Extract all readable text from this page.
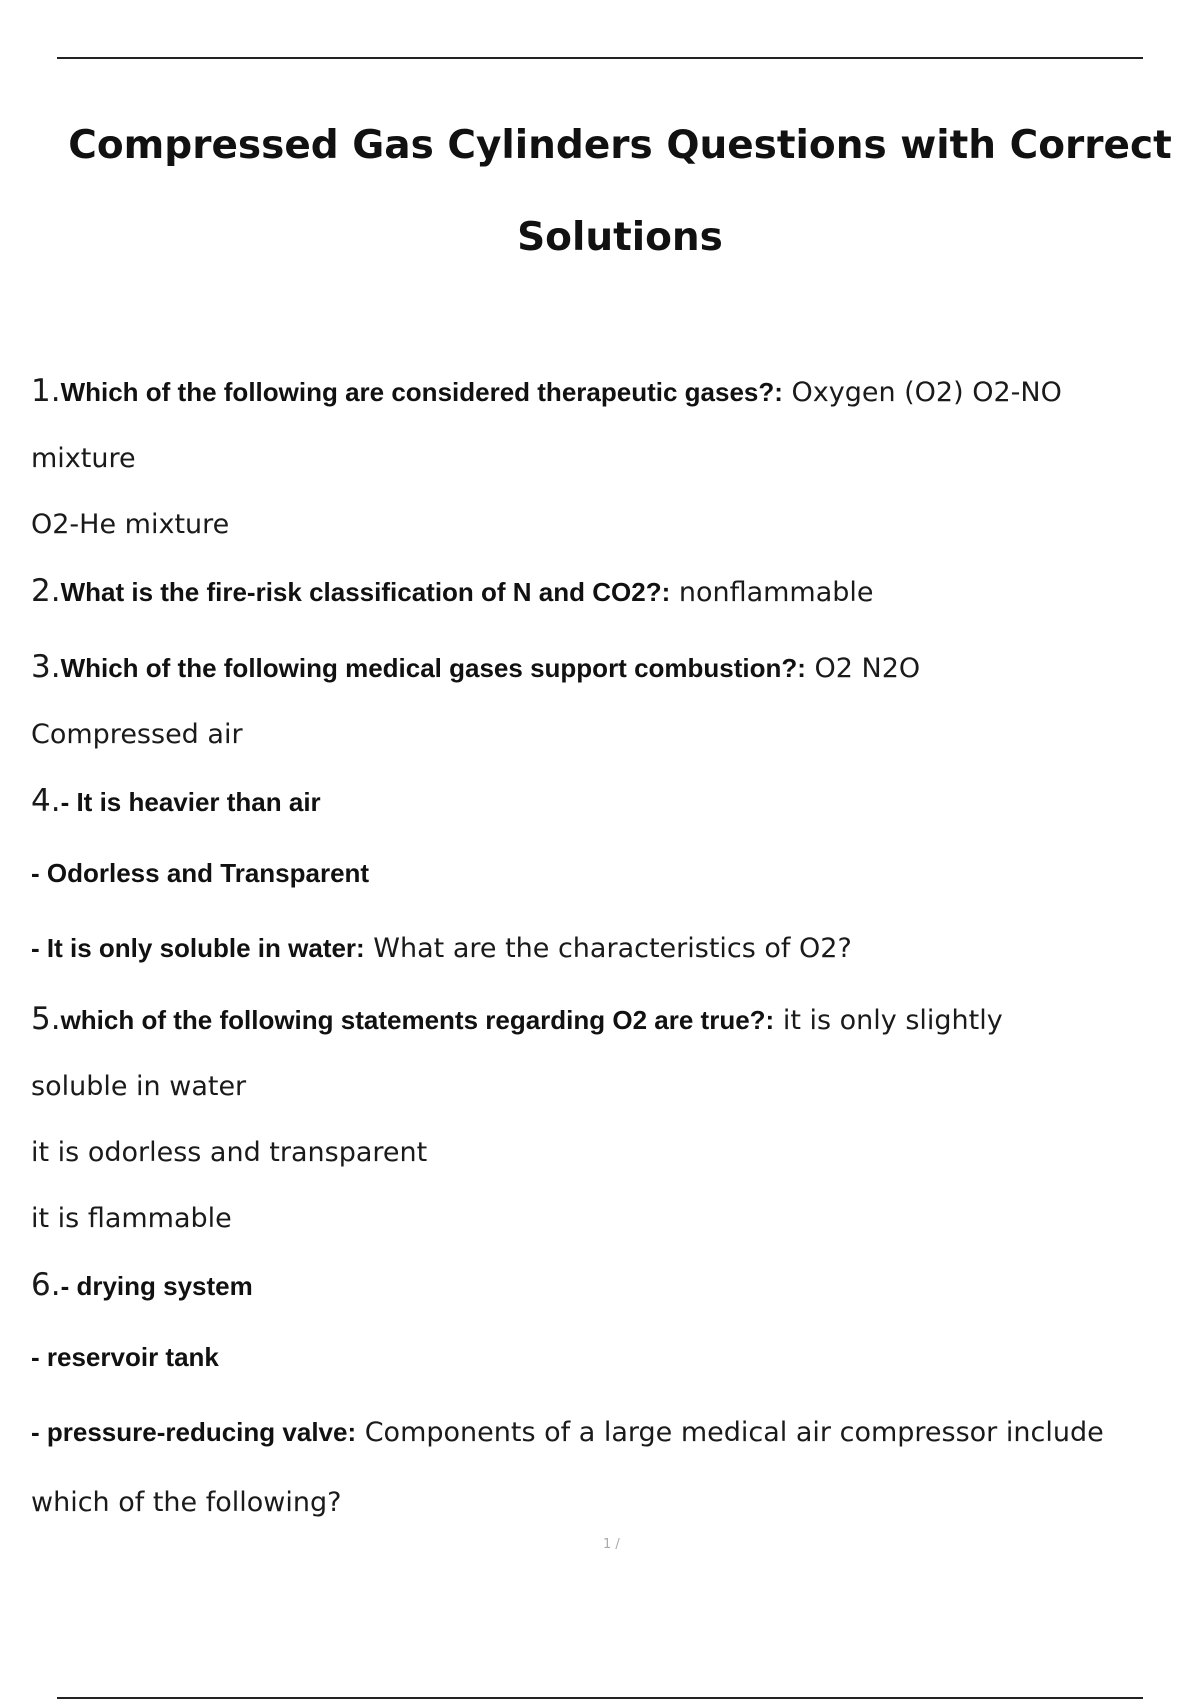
Compressed Gas Cylinders Questions with Correct
Solutions

1.Which of the following are considered therapeutic gases?: Oxygen (O2) O2-NO

mixture

O2-He mixture

2.What is the fire-risk classification of N and CO2?: nonflammable

3.Which of the following medical gases support combustion?: O2 N2O

Compressed air

4.- It is heavier than air

- Odorless and Transparent

- It is only soluble in water: What are the characteristics of O2?

5.which of the following statements regarding O2 are true?: it is only slightly

soluble in water

it is odorless and transparent

it is flammable

6.- drying system

- reservoir tank

- pressure-reducing valve: Components of a large medical air compressor include

which of the following?

1 /
